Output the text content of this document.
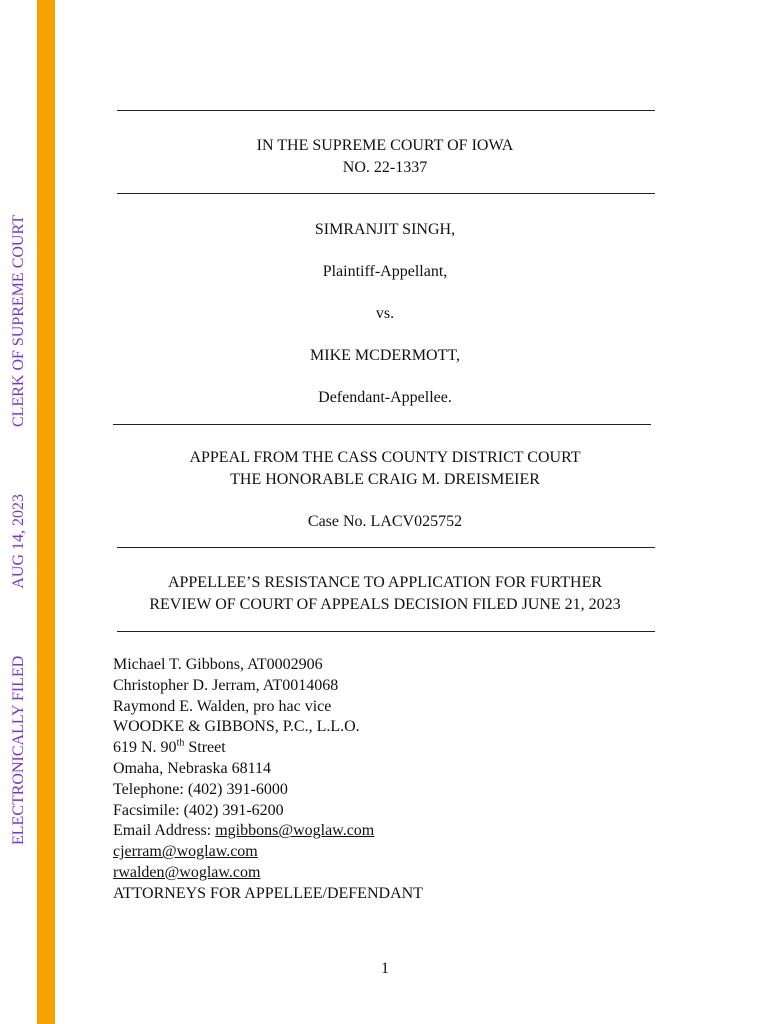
ELECTRONICALLY FILED
AUG 14, 2023
CLERK OF SUPREME COURT
IN THE SUPREME COURT OF IOWA
NO. 22-1337
SIMRANJIT SINGH,
Plaintiff-Appellant,
vs.
MIKE MCDERMOTT,
Defendant-Appellee.
APPEAL FROM THE CASS COUNTY DISTRICT COURT
THE HONORABLE CRAIG M. DREISMEIER
Case No. LACV025752
APPELLEE’S RESISTANCE TO APPLICATION FOR FURTHER
REVIEW OF COURT OF APPEALS DECISION FILED JUNE 21, 2023
Michael T. Gibbons, AT0002906
Christopher D. Jerram, AT0014068
Raymond E. Walden, pro hac vice
WOODKE & GIBBONS, P.C., L.L.O.
619 N. 90th Street
Omaha, Nebraska 68114
Telephone: (402) 391-6000
Facsimile: (402) 391-6200
Email Address: mgibbons@woglaw.com
cjerram@woglaw.com
rwalden@woglaw.com
ATTORNEYS FOR APPELLEE/DEFENDANT
1
